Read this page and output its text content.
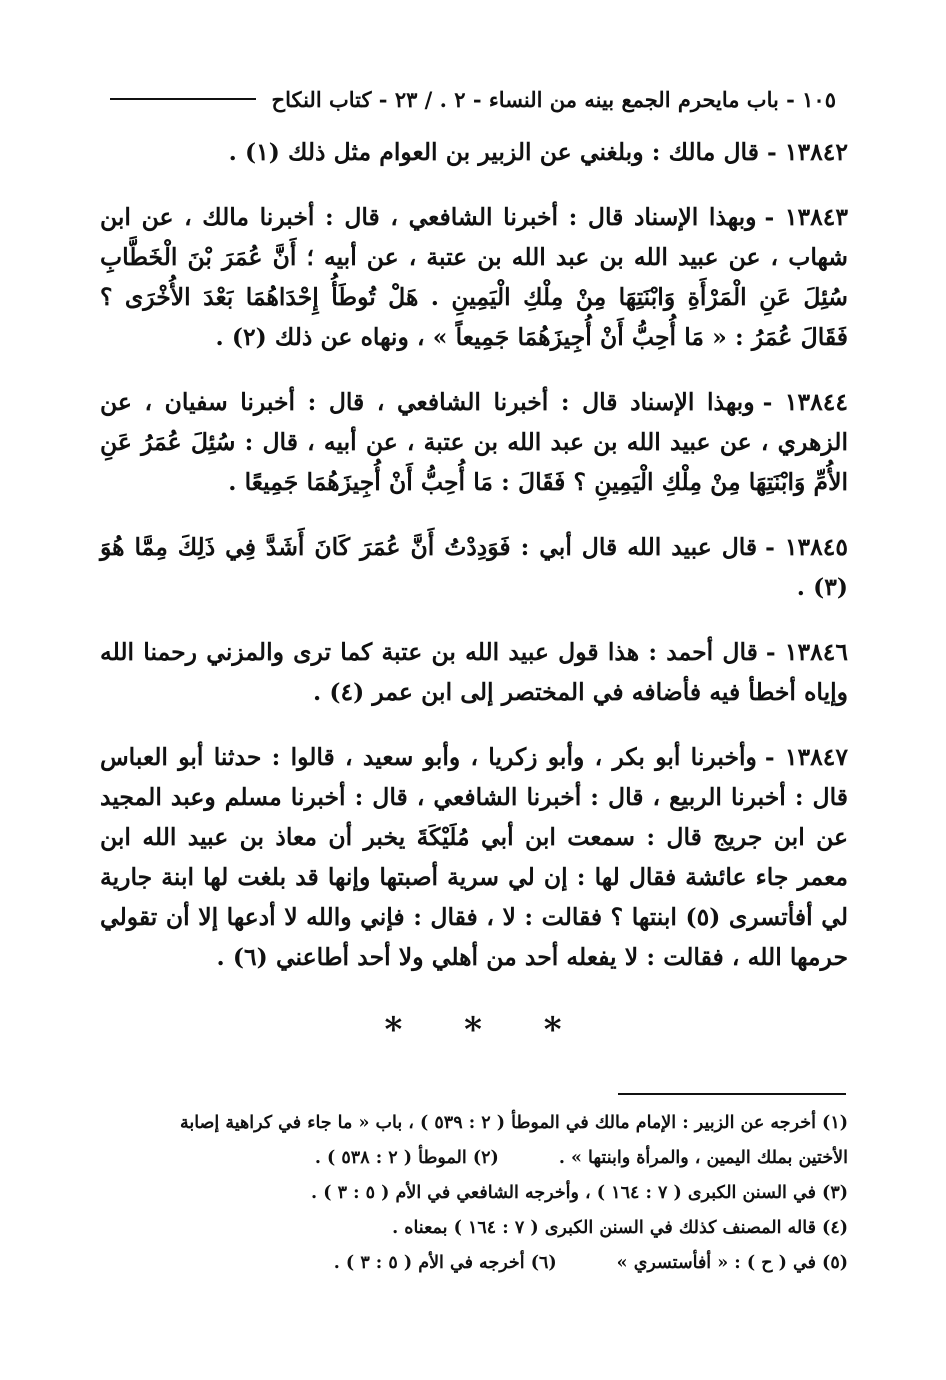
١٠٥ - باب مايحرم الجمع بينه من النساء - ٢ . / ٢٣ - كتاب النكاح

١٣٨٤٢ -قال مالك : وبلغني عن الزبير بن العوام مثل ذلك (١) .

١٣٨٤٣ -وبهذا الإسناد قال : أخبرنا الشافعي ، قال : أخبرنا مالك ، عن ابن شهاب ، عن عبيد الله بن عبد الله بن عتبة ، عن أبيه ؛ أَنَّ عُمَرَ بْنَ الْخَطَّابِ سُئِلَ عَنِ الْمَرْأَةِ وَابْنَتِهَا مِنْ مِلْكِ الْيَمِينِ . هَلْ تُوطَأُ إِحْدَاهُمَا بَعْدَ الأُخْرَى ؟ فَقَالَ عُمَرُ : « مَا أُحِبُّ أَنْ أُجِيزَهُمَا جَمِيعاً » ، ونهاه عن ذلك (٢) .

١٣٨٤٤ -وبهذا الإسناد قال : أخبرنا الشافعي ، قال : أخبرنا سفيان ، عن الزهري ، عن عبيد الله بن عبد الله بن عتبة ، عن أبيه ، قال : سُئِلَ عُمَرُ عَنِ الأُمِّ وَابْنَتِهَا مِنْ مِلْكِ الْيَمِينِ ؟ فَقَالَ : مَا أُحِبُّ أَنْ أُجِيزَهُمَا جَمِيعًا .

١٣٨٤٥ -قال عبيد الله قال أبي : فَوَدِدْتُ أَنَّ عُمَرَ كَانَ أَشَدَّ فِي ذَلِكَ مِمَّا هُوَ (٣) .

١٣٨٤٦ -قال أحمد : هذا قول عبيد الله بن عتبة كما ترى والمزني رحمنا الله وإياه أخطأ فيه فأضافه في المختصر إلى ابن عمر (٤) .

١٣٨٤٧ -وأخبرنا أبو بكر ، وأبو زكريا ، وأبو سعيد ، قالوا : حدثنا أبو العباس قال : أخبرنا الربيع ، قال : أخبرنا الشافعي ، قال : أخبرنا مسلم وعبد المجيد عن ابن جريج قال : سمعت ابن أبي مُلَيْكَةَ يخبر أن معاذ بن عبيد الله ابن معمر جاء عائشة فقال لها : إن لي سرية أصبتها وإنها قد بلغت لها ابنة جارية لي أفأتسرى (٥) ابنتها ؟ فقالت : لا ، فقال : فإني والله لا أدعها إلا أن تقولي حرمها الله ، فقالت : لا يفعله أحد من أهلي ولا أحد أطاعني (٦) .

* * *
(١) أخرجه عن الزبير : الإمام مالك في الموطأ ( ٢ : ٥٣٩ ) ، باب « ما جاء في كراهية إصابة
الأختين بملك اليمين ، والمرأة وابنتها » .
(٢) الموطأ ( ٢ : ٥٣٨ ) .
(٣) في السنن الكبرى ( ٧ : ١٦٤ ) ، وأخرجه الشافعي في الأم ( ٥ : ٣ ) .
(٤) قاله المصنف كذلك في السنن الكبرى ( ٧ : ١٦٤ ) بمعناه .
(٥) في ( ح ) : « أفأستسري »
(٦) أخرجه في الأم ( ٥ : ٣ ) .
